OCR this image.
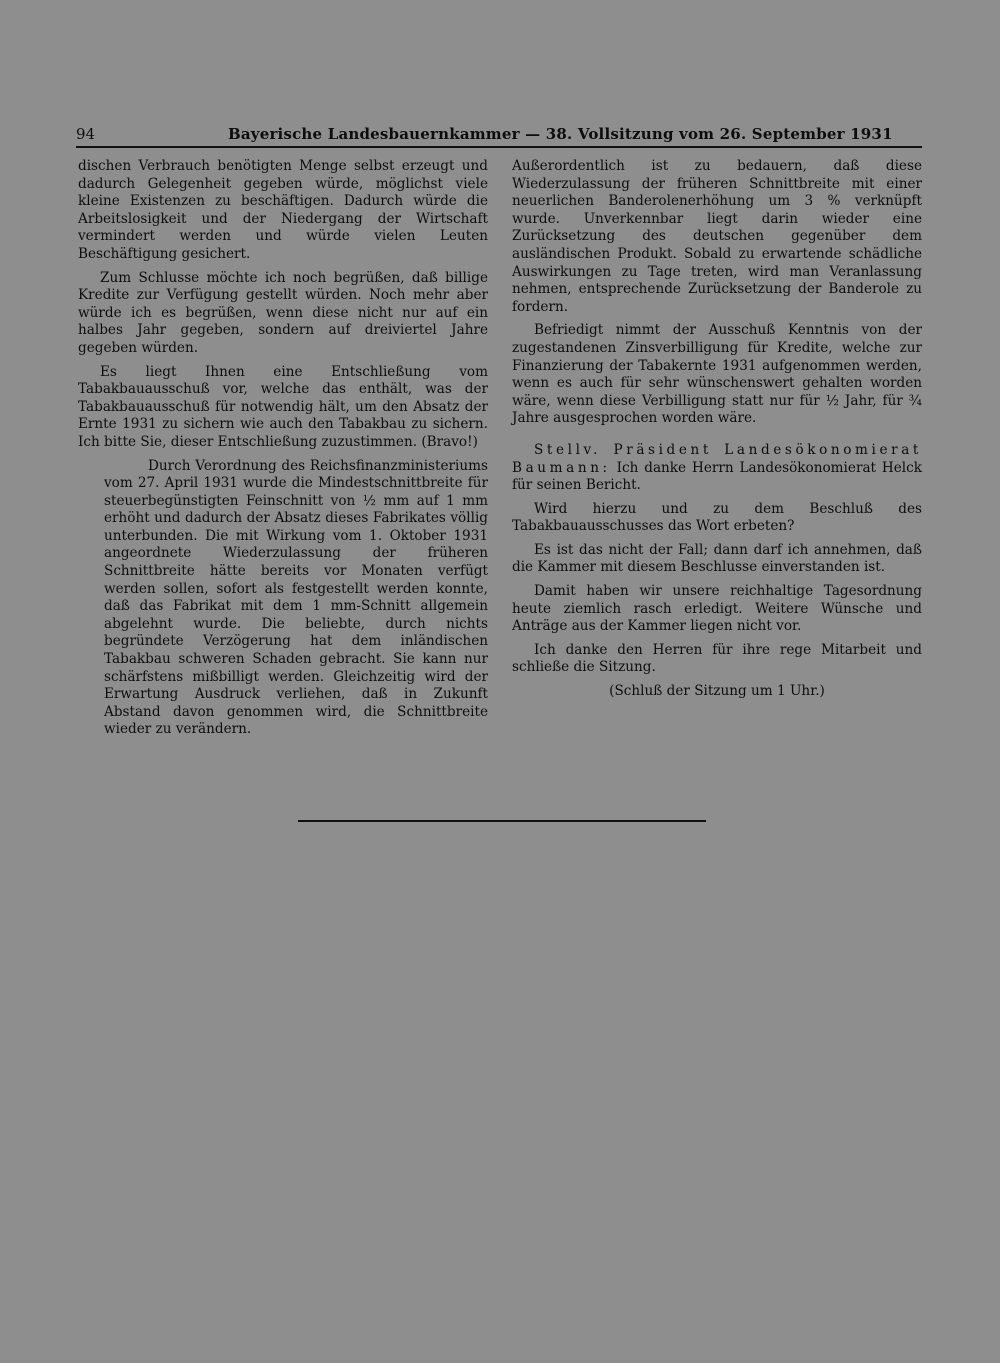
94	Bayerische Landesbauernkammer — 38. Vollsitzung vom 26. September 1931

dischen Verbrauch benötigten Menge selbst erzeugt und dadurch Gelegenheit gegeben würde, möglichst viele kleine Existenzen zu beschäftigen. Dadurch würde die Arbeitslosigkeit und der Niedergang der Wirtschaft vermindert werden und würde vielen Leuten Beschäftigung gesichert.

Zum Schlusse möchte ich noch begrüßen, daß billige Kredite zur Verfügung gestellt würden. Noch mehr aber würde ich es begrüßen, wenn diese nicht nur auf ein halbes Jahr gegeben, sondern auf dreiviertel Jahre gegeben würden.

Es liegt Ihnen eine Entschließung vom Tabakbauausschuß vor, welche das enthält, was der Tabakbauausschuß für notwendig hält, um den Absatz der Ernte 1931 zu sichern wie auch den Tabakbau zu sichern. Ich bitte Sie, dieser Entschließung zuzustimmen. (Bravo!)

Durch Verordnung des Reichsfinanzministeriums vom 27. April 1931 wurde die Mindestschnittbreite für steuerbegünstigten Feinschnitt von ½ mm auf 1 mm erhöht und dadurch der Absatz dieses Fabrikates völlig unterbunden. Die mit Wirkung vom 1. Oktober 1931 angeordnete Wiederzulassung der früheren Schnittbreite hätte bereits vor Monaten verfügt werden sollen, sofort als festgestellt werden konnte, daß das Fabrikat mit dem 1 mm-Schnitt allgemein abgelehnt wurde. Die beliebte, durch nichts begründete Verzögerung hat dem inländischen Tabakbau schweren Schaden gebracht. Sie kann nur schärfstens mißbilligt werden. Gleichzeitig wird der Erwartung Ausdruck verliehen, daß in Zukunft Abstand davon genommen wird, die Schnittbreite wieder zu verändern.

Außerordentlich ist zu bedauern, daß diese Wiederzulassung der früheren Schnittbreite mit einer neuerlichen Banderolenerhöhung um 3 % verknüpft wurde. Unverkennbar liegt darin wieder eine Zurücksetzung des deutschen gegenüber dem ausländischen Produkt. Sobald zu erwartende schädliche Auswirkungen zu Tage treten, wird man Veranlassung nehmen, entsprechende Zurücksetzung der Banderole zu fordern.

Befriedigt nimmt der Ausschuß Kenntnis von der zugestandenen Zinsverbilligung für Kredite, welche zur Finanzierung der Tabakernte 1931 aufgenommen werden, wenn es auch für sehr wünschenswert gehalten worden wäre, wenn diese Verbilligung statt nur für ½ Jahr, für ¾ Jahre ausgesprochen worden wäre.

Stellv. Präsident Landesökonomierat Baumann: Ich danke Herrn Landesökonomierat Helck für seinen Bericht.

Wird hierzu und zu dem Beschluß des Tabakbauausschusses das Wort erbeten?

Es ist das nicht der Fall; dann darf ich annehmen, daß die Kammer mit diesem Beschlusse einverstanden ist.

Damit haben wir unsere reichhaltige Tagesordnung heute ziemlich rasch erledigt. Weitere Wünsche und Anträge aus der Kammer liegen nicht vor.

Ich danke den Herren für ihre rege Mitarbeit und schließe die Sitzung.

(Schluß der Sitzung um 1 Uhr.)
